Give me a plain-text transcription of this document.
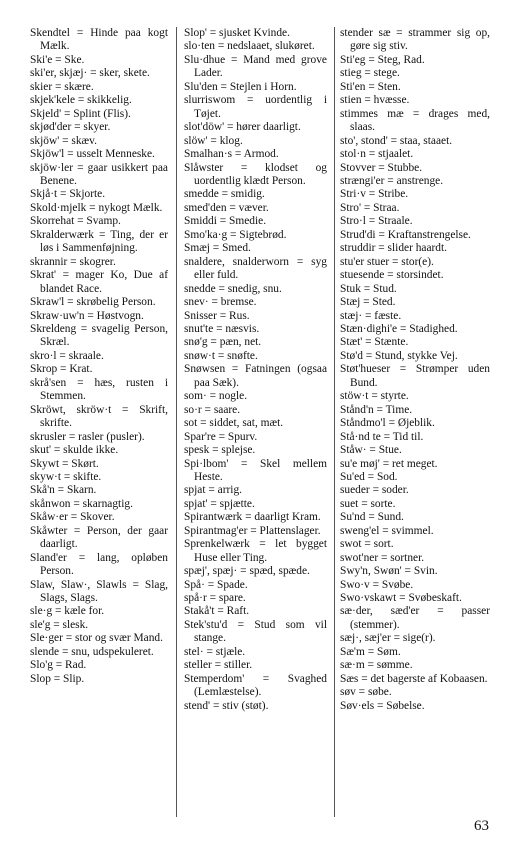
Skendtel = Hinde paa kogt Mælk.

Ski'e = Ske.

ski'er, skjæj· = sker, skete.

skier = skære.

skjek'kele = skikkelig.

Skjeld' = Splint (Flis).

skjød'der = skyer.

skjöw' = skæv.

Skjöw'l = usselt Menneske.

skjöw·ler = gaar usikkert paa Benene.

Skjå·t = Skjorte.

Skold·mjelk = nykogt Mælk.

Skorrehat = Svamp.

Skralderwærk = Ting, der er løs i Sammenføjning.

skrannir = skogrer.

Skrat' = mager Ko, Due af blandet Race.

Skraw'l = skrøbelig Person.

Skraw·uw'n = Høstvogn.

Skreldeng = svagelig Person, Skræl.

skro·l = skraale.

Skrop = Krat.

skrå'sen = hæs, rusten i Stemmen.

Skröwt, skröw·t = Skrift, skrifte.

skrusler = rasler (pusler).

skut' = skulde ikke.

Skywt = Skørt.

skyw·t = skifte.

Skå'n = Skarn.

skånwon = skarnagtig.

Skåw·er = Skover.

Skåwter = Person, der gaar daarligt.

Sland'er = lang, opløben Person.

Slaw, Slaw·, Slawls = Slag, Slags, Slags.

sle·g = kæle for.

sle'g = slesk.

Sle·ger = stor og svær Mand.

slende = snu, udspekuleret.

Slo'g = Rad.

Slop = Slip.

Slop' = sjusket Kvinde.

slo·ten = nedslaaet, slukøret.

Slu·dhue = Mand med grove Lader.

Slu'den = Stejlen i Horn.

slurriswom = uordentlig i Tøjet.

slot'döw' = hører daarligt.

slöw' = klog.

Smalhan·s = Armod.

Slåwster = klodset og uordentlig klædt Person.

smedde = smidig.

smed'den = væver.

Smiddi = Smedie.

Smo'ka·g = Sigtebrød.

Smæj = Smed.

snaldere, snalderworn = syg eller fuld.

snedde = snedig, snu.

snev· = bremse.

Snisser = Rus.

snut'te = næsvis.

snø'g = pæn, net.

snøw·t = snøfte.

Snøwsen = Fatningen (ogsaa paa Sæk).

som· = nogle.

so·r = saare.

sot = siddet, sat, mæt.

Spar're = Spurv.

spesk = splejse.

Spi·lbom' = Skel mellem Heste.

spjat = arrig.

spjat' = spjætte.

Spirantwærk = daarligt Kram.

Spirantmag'er = Plattenslager.

Sprenkelwærk = let bygget Huse eller Ting.

spæj', spæj· = spæd, spæde.

Spå· = Spade.

spå·r = spare.

Stakå't = Raft.

Stek'stu'd = Stud som vil stange.

stel· = stjæle.

steller = stiller.

Stemperdom' = Svaghed (Lemlæstelse).

stend' = stiv (støt).

stender sæ = strammer sig op, gøre sig stiv.

Sti'eg = Steg, Rad.

stieg = stege.

Sti'en = Sten.

stien = hvæsse.

stimmes mæ = drages med, slaas.

sto', stond' = staa, staaet.

stol·n = stjaalet.

Stovver = Stubbe.

strængi'er = anstrenge.

Stri·v = Stribe.

Stro' = Straa.

Stro·l = Straale.

Strud'di = Kraftanstrengelse.

struddir = slider haardt.

stu'er stuer = stor(e).

stuesende = storsindet.

Stuk = Stud.

Stæj = Sted.

stæj· = fæste.

Stæn·dighi'e = Stadighed.

Stæt' = Stænte.

Stø'd = Stund, stykke Vej.

Støt'hueser = Strømper uden Bund.

stöw·t = styrte.

Stånd'n = Time.

Ståndmo'l = Øjeblik.

Stå·nd te = Tid til.

Ståw· = Stue.

su'e møj' = ret meget.

Su'ed = Sod.

sueder = soder.

suet = sorte.

Su'nd = Sund.

sweng'el = svimmel.

swot = sort.

swot'ner = sortner.

Swy'n, Swøn' = Svin.

Swo·v = Svøbe.

Swo·vskawt = Svøbeskaft.

sæ·der, sæd'er = passer (stemmer).

sæj·, sæj'er = sige(r).

Sæ'm = Søm.

sæ·m = sømme.

Sæs = det bagerste af Kobaasen.

søv = søbe.

Søv·els = Søbelse.

63
